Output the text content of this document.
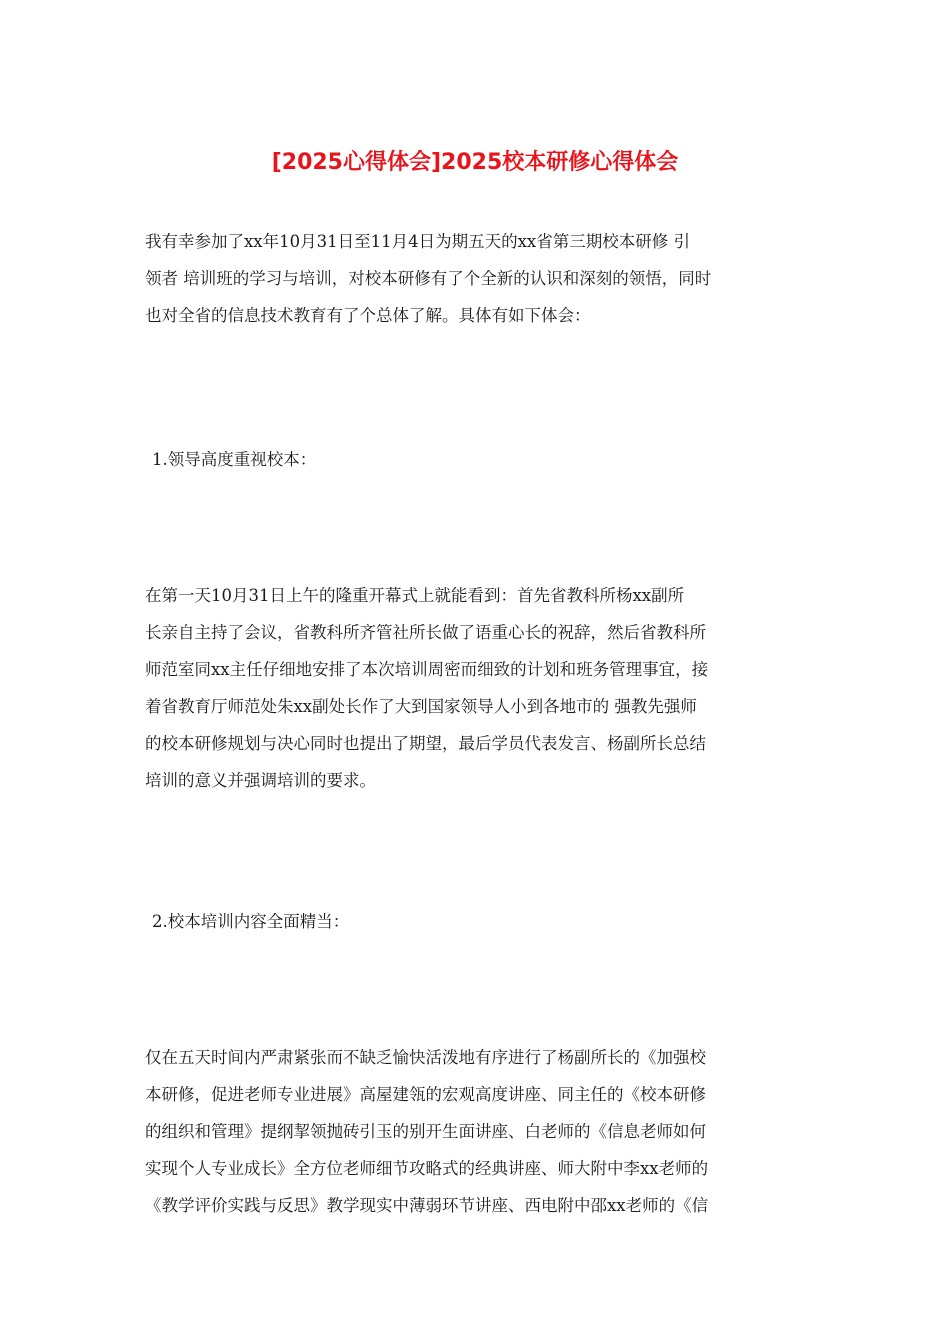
[2025心得体会]2025校本研修心得体会
我有幸参加了xx年10月31日至11月4日为期五天的xx省第三期校本研修 引
领者 培训班的学习与培训，对校本研修有了个全新的认识和深刻的领悟，同时
也对全省的信息技术教育有了个总体了解。具体有如下体会：
1.领导高度重视校本：
在第一天10月31日上午的隆重开幕式上就能看到：首先省教科所杨xx副所
长亲自主持了会议，省教科所齐管社所长做了语重心长的祝辞，然后省教科所
师范室同xx主任仔细地安排了本次培训周密而细致的计划和班务管理事宜，接
着省教育厅师范处朱xx副处长作了大到国家领导人小到各地市的 强教先强师
的校本研修规划与决心同时也提出了期望，最后学员代表发言、杨副所长总结
培训的意义并强调培训的要求。
2.校本培训内容全面精当：
仅在五天时间内严肃紧张而不缺乏愉快活泼地有序进行了杨副所长的《加强校
本研修，促进老师专业进展》高屋建瓴的宏观高度讲座、同主任的《校本研修
的组织和管理》提纲挈领抛砖引玉的别开生面讲座、白老师的《信息老师如何
实现个人专业成长》全方位老师细节攻略式的经典讲座、师大附中李xx老师的
《教学评价实践与反思》教学现实中薄弱环节讲座、西电附中邵xx老师的《信
